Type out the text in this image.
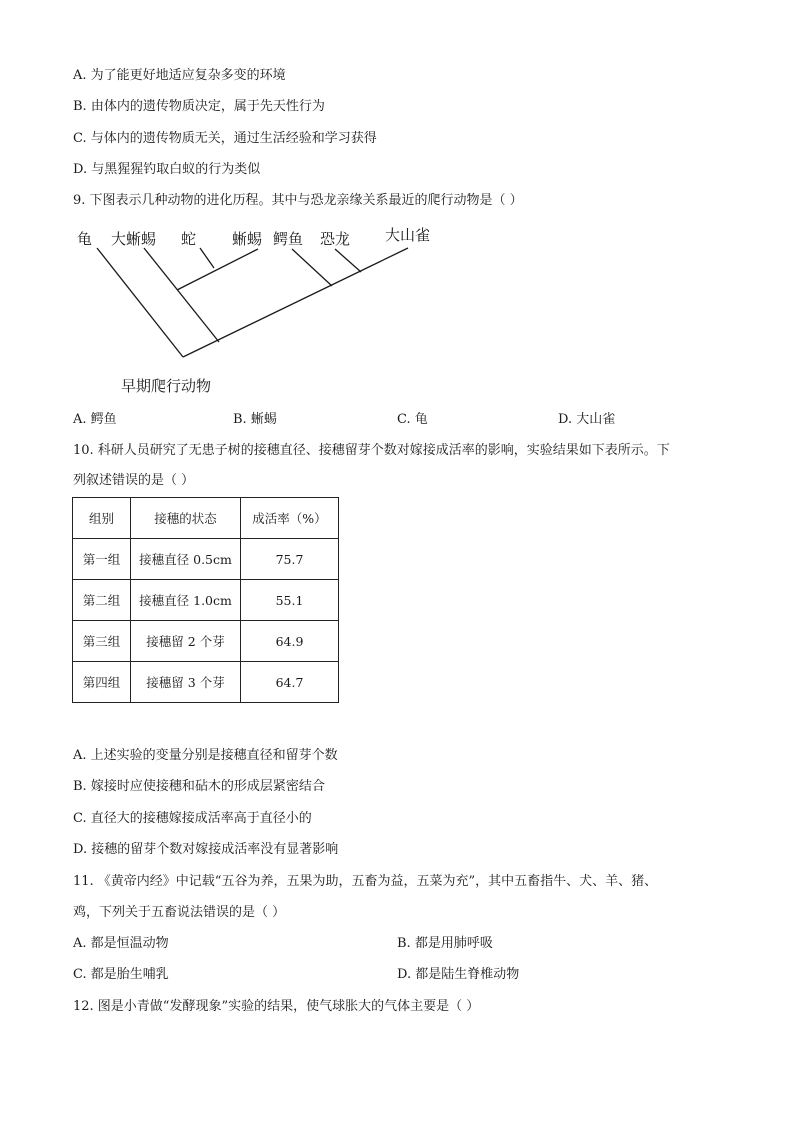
A. 为了能更好地适应复杂多变的环境
B. 由体内的遗传物质决定，属于先天性行为
C. 与体内的遗传物质无关，通过生活经验和学习获得
D. 与黑猩猩钓取白蚁的行为类似
9. 下图表示几种动物的进化历程。其中与恐龙亲缘关系最近的爬行动物是（ ）
龟 大蜥蜴 蛇 蜥蜴 鳄鱼 恐龙 大山雀
早期爬行动物
A. 鳄鱼	B. 蜥蜴	C. 龟	D. 大山雀
10. 科研人员研究了无患子树的接穗直径、接穗留芽个数对嫁接成活率的影响，实验结果如下表所示。下
列叙述错误的是（ ）
组别	接穗的状态	成活率（%）
第一组	接穗直径 0.5cm	75.7
第二组	接穗直径 1.0cm	55.1
第三组	接穗留 2 个芽	64.9
第四组	接穗留 3 个芽	64.7
A. 上述实验的变量分别是接穗直径和留芽个数
B. 嫁接时应使接穗和砧木的形成层紧密结合
C. 直径大的接穗嫁接成活率高于直径小的
D. 接穗的留芽个数对嫁接成活率没有显著影响
11. 《黄帝内经》中记载“五谷为养，五果为助，五畜为益，五菜为充”，其中五畜指牛、犬、羊、猪、
鸡，下列关于五畜说法错误的是（ ）
A. 都是恒温动物	B. 都是用肺呼吸
C. 都是胎生哺乳	D. 都是陆生脊椎动物
12. 图是小青做“发酵现象”实验的结果，使气球胀大的气体主要是（ ）
